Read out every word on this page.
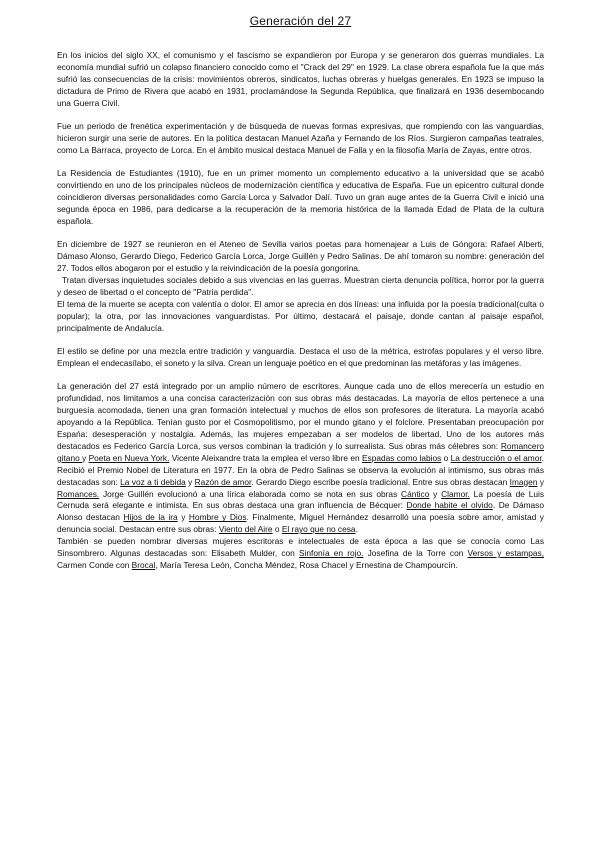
Generación del 27

En los inicios del siglo XX, el comunismo y el fascismo se expandieron por Europa y se generaron dos guerras mundiales. La economía mundial sufrió un colapso financiero conocido como el "Crack del 29" en 1929. La clase obrera española fue la que más sufrió las consecuencias de la crisis: movimientos obreros, sindicatos, luchas obreras y huelgas generales. En 1923 se impuso la dictadura de Primo de Rivera que acabó en 1931, proclamándose la Segunda República, que finalizará en 1936 desembocando una Guerra Civil.

Fue un periodo de frenética experimentación y de búsqueda de nuevas formas expresivas, que rompiendo con las vanguardias, hicieron surgir una serie de autores. En la política destacan Manuel Azaña y Fernando de los Ríos. Surgieron campañas teatrales, como La Barraca, proyecto de Lorca. En el ámbito musical destaca Manuel de Falla y en la filosofía María de Zayas, entre otros.

La Residencia de Estudiantes (1910), fue en un primer momento un complemento educativo a la universidad que se acabó convirtiendo en uno de los principales núcleos de modernización científica y educativa de España. Fue un epicentro cultural donde coincidieron diversas personalidades como García Lorca y Salvador Dalí. Tuvo un gran auge antes de la Guerra Civil e inició una segunda época en 1986, para dedicarse a la recuperación de la memoria histórica de la llamada Edad de Plata de la cultura española.

En diciembre de 1927 se reunieron en el Ateneo de Sevilla varios poetas para homenajear a Luis de Góngora: Rafael Alberti, Dámaso Alonso, Gerardo Diego, Federico García Lorca, Jorge Guillén y Pedro Salinas. De ahí tomaron su nombre: generación del 27. Todos ellos abogaron por el estudio y la reivindicación de la poesía gongorina.

Tratan diversas inquietudes sociales debido a sus vivencias en las guerras. Muestran cierta denuncia política, horror por la guerra y deseo de libertad o el concepto de "Patria perdida".

El tema de la muerte se acepta con valentía o dolor. El amor se aprecia en dos líneas: una influida por la poesía tradicional(culta o popular); la otra, por las innovaciones vanguardistas. Por último, destacará el paisaje, donde cantan al paisaje español, principalmente de Andalucía.

El estilo se define por una mezcla entre tradición y vanguardia. Destaca el uso de la métrica, estrofas populares y el verso libre. Emplean el endecasílabo, el soneto y la silva. Crean un lenguaje poético en el que predominan las metáforas y las imágenes.

La generación del 27 está integrado por un amplio número de escritores. Aunque cada uno de ellos merecería un estudio en profundidad, nos limitamos a una concisa caracterización con sus obras más destacadas. La mayoría de ellos pertenece a una burguesía acomodada, tienen una gran formación intelectual y muchos de ellos son profesores de literatura. La mayoría acabó apoyando a la República. Tenían gusto por el Cosmopolitismo, por el mundo gitano y el folclore. Presentaban preocupación por Espańa: desesperación y nostalgia. Además, las mujeres empezaban a ser modelos de libertad. Uno de los autores más destacados es Federico García Lorca, sus versos combinan la tradición y lo surrealista. Sus obras más célebres son: Romancero gitano y Poeta en Nueva York. Vicente Aleixandre trata la emplea el verso libre en Espadas como labios o La destrucción o el amor. Recibió el Premio Nobel de Literatura en 1977. En la obra de Pedro Salinas se observa la evolución al intimismo, sus obras más destacadas son: La voz a ti debida y Razón de amor. Gerardo Diego escribe poesía tradicional. Entre sus obras destacan Imagen y Romances. Jorge Guillén evolucionó a una lírica elaborada como se nota en sus obras Cántico y Clamor. La poesía de Luis Cernuda será elegante e intimista. En sus obras destaca una gran influencia de Bécquer: Donde habite el olvido. De Dámaso Alonso destacan Hijos de la ira y Hombre y Dios. Finalmente, Miguel Hernández desarrolló una poesía sobre amor, amistad y denuncia social. Destacan entre sus obras: Viento del Aire o El rayo que no cesa.

También se pueden nombrar diversas mujeres escritoras e intelectuales de esta época a las que se conocía como Las Sinsombrero. Algunas destacadas son: Elisabeth Mulder, con Sinfonía en rojo. Josefina de la Torre con Versos y estampas, Carmen Conde con Brocal, María Teresa León, Concha Méndez, Rosa Chacel y Ernestina de Champourcín.
